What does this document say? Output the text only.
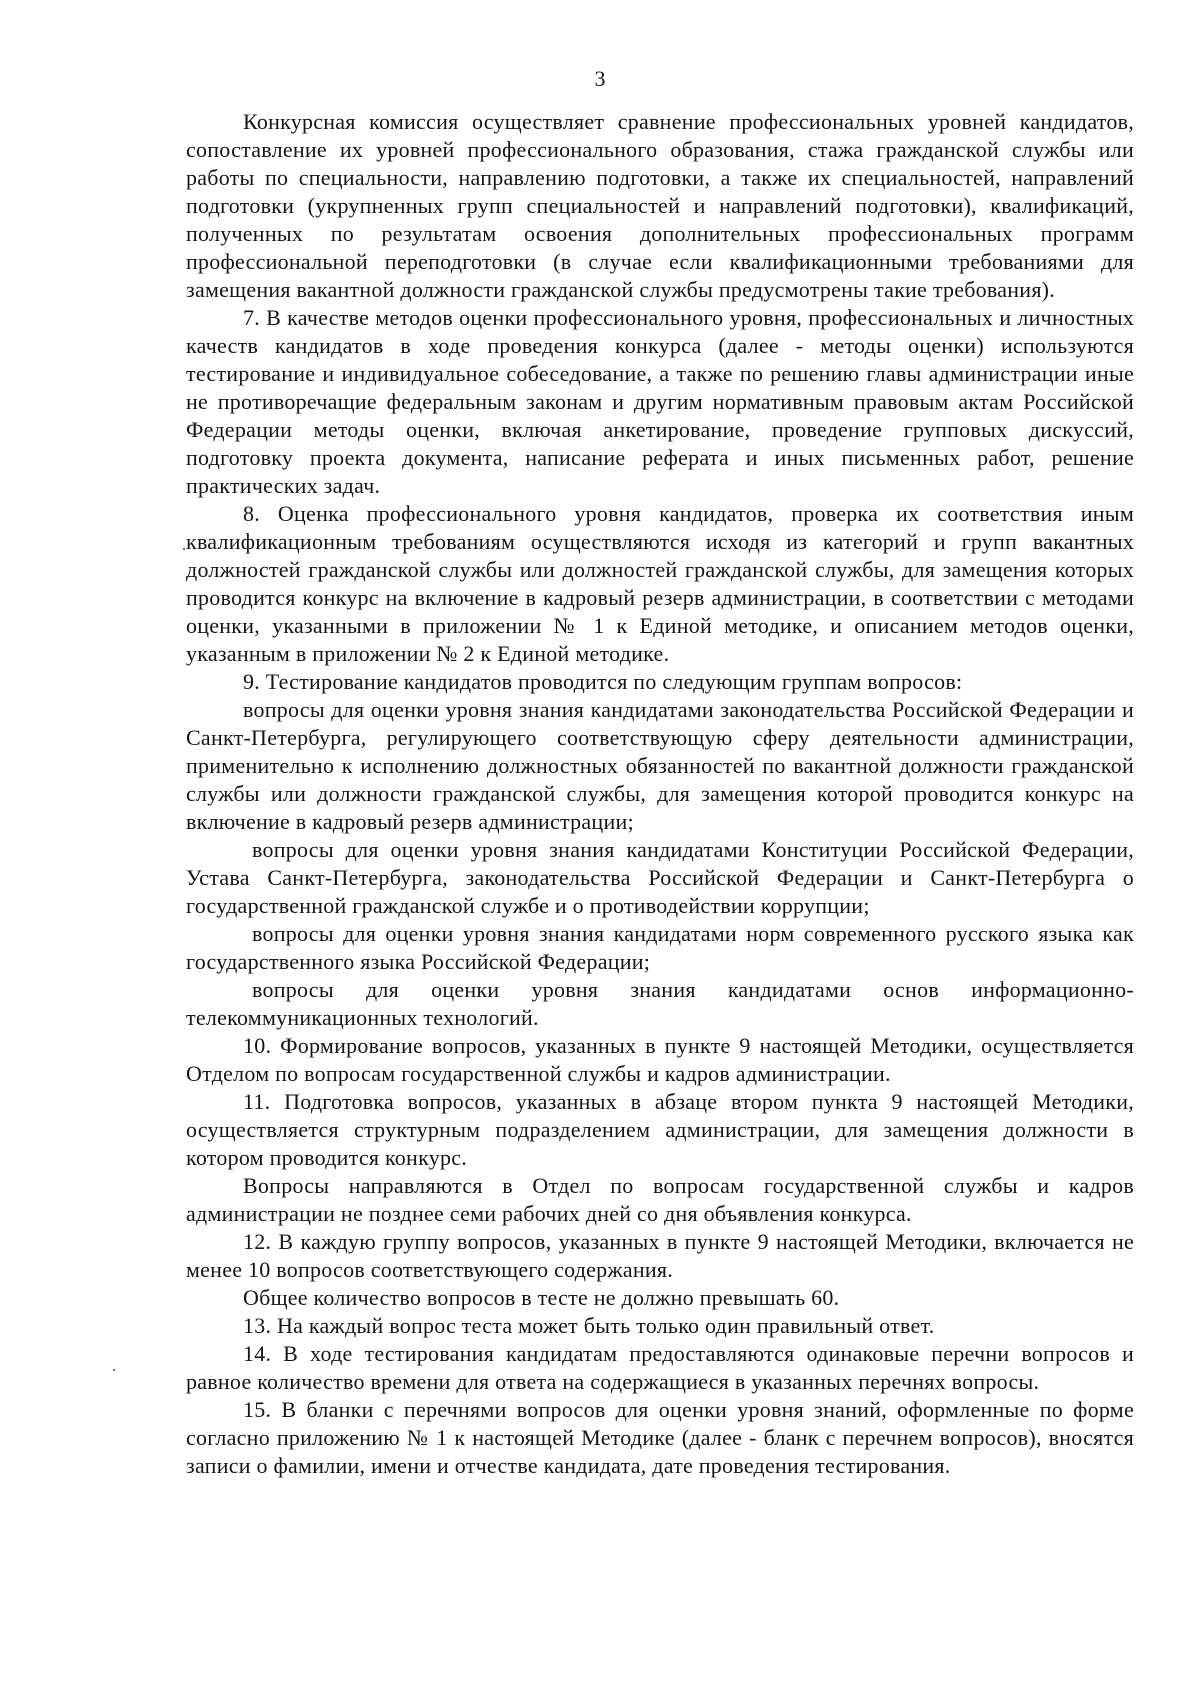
3

Конкурсная комиссия осуществляет сравнение профессиональных уровней кандидатов, сопоставление их уровней профессионального образования, стажа гражданской службы или работы по специальности, направлению подготовки, а также их специальностей, направлений подготовки (укрупненных групп специальностей и направлений подготовки), квалификаций, полученных по результатам освоения дополнительных профессиональных программ профессиональной переподготовки (в случае если квалификационными требованиями для замещения вакантной должности гражданской службы предусмотрены такие требования).

7. В качестве методов оценки профессионального уровня, профессиональных и личностных качеств кандидатов в ходе проведения конкурса (далее - методы оценки) используются тестирование и индивидуальное собеседование, а также по решению главы администрации иные не противоречащие федеральным законам и другим нормативным правовым актам Российской Федерации методы оценки, включая анкетирование, проведение групповых дискуссий, подготовку проекта документа, написание реферата и иных письменных работ, решение практических задач.

8. Оценка профессионального уровня кандидатов, проверка их соответствия иным квалификационным требованиям осуществляются исходя из категорий и групп вакантных должностей гражданской службы или должностей гражданской службы, для замещения которых проводится конкурс на включение в кадровый резерв администрации, в соответствии с методами оценки, указанными в приложении № 1 к Единой методике, и описанием методов оценки, указанным в приложении № 2 к Единой методике.

9. Тестирование кандидатов проводится по следующим группам вопросов:

вопросы для оценки уровня знания кандидатами законодательства Российской Федерации и Санкт-Петербурга, регулирующего соответствующую сферу деятельности администрации, применительно к исполнению должностных обязанностей по вакантной должности гражданской службы или должности гражданской службы, для замещения которой проводится конкурс на включение в кадровый резерв администрации;

вопросы для оценки уровня знания кандидатами Конституции Российской Федерации, Устава Санкт-Петербурга, законодательства Российской Федерации и Санкт-Петербурга о государственной гражданской службе и о противодействии коррупции;

вопросы для оценки уровня знания кандидатами норм современного русского языка как государственного языка Российской Федерации;

вопросы для оценки уровня знания кандидатами основ информационно-телекоммуникационных технологий.

10. Формирование вопросов, указанных в пункте 9 настоящей Методики, осуществляется Отделом по вопросам государственной службы и кадров администрации.

11. Подготовка вопросов, указанных в абзаце втором пункта 9 настоящей Методики, осуществляется структурным подразделением администрации, для замещения должности в котором проводится конкурс.

Вопросы направляются в Отдел по вопросам государственной службы и кадров администрации не позднее семи рабочих дней со дня объявления конкурса.

12. В каждую группу вопросов, указанных в пункте 9 настоящей Методики, включается не менее 10 вопросов соответствующего содержания.

Общее количество вопросов в тесте не должно превышать 60.

13. На каждый вопрос теста может быть только один правильный ответ.

14. В ходе тестирования кандидатам предоставляются одинаковые перечни вопросов и равное количество времени для ответа на содержащиеся в указанных перечнях вопросы.

15. В бланки с перечнями вопросов для оценки уровня знаний, оформленные по форме согласно приложению № 1 к настоящей Методике (далее - бланк с перечнем вопросов), вносятся записи о фамилии, имени и отчестве кандидата, дате проведения тестирования.
